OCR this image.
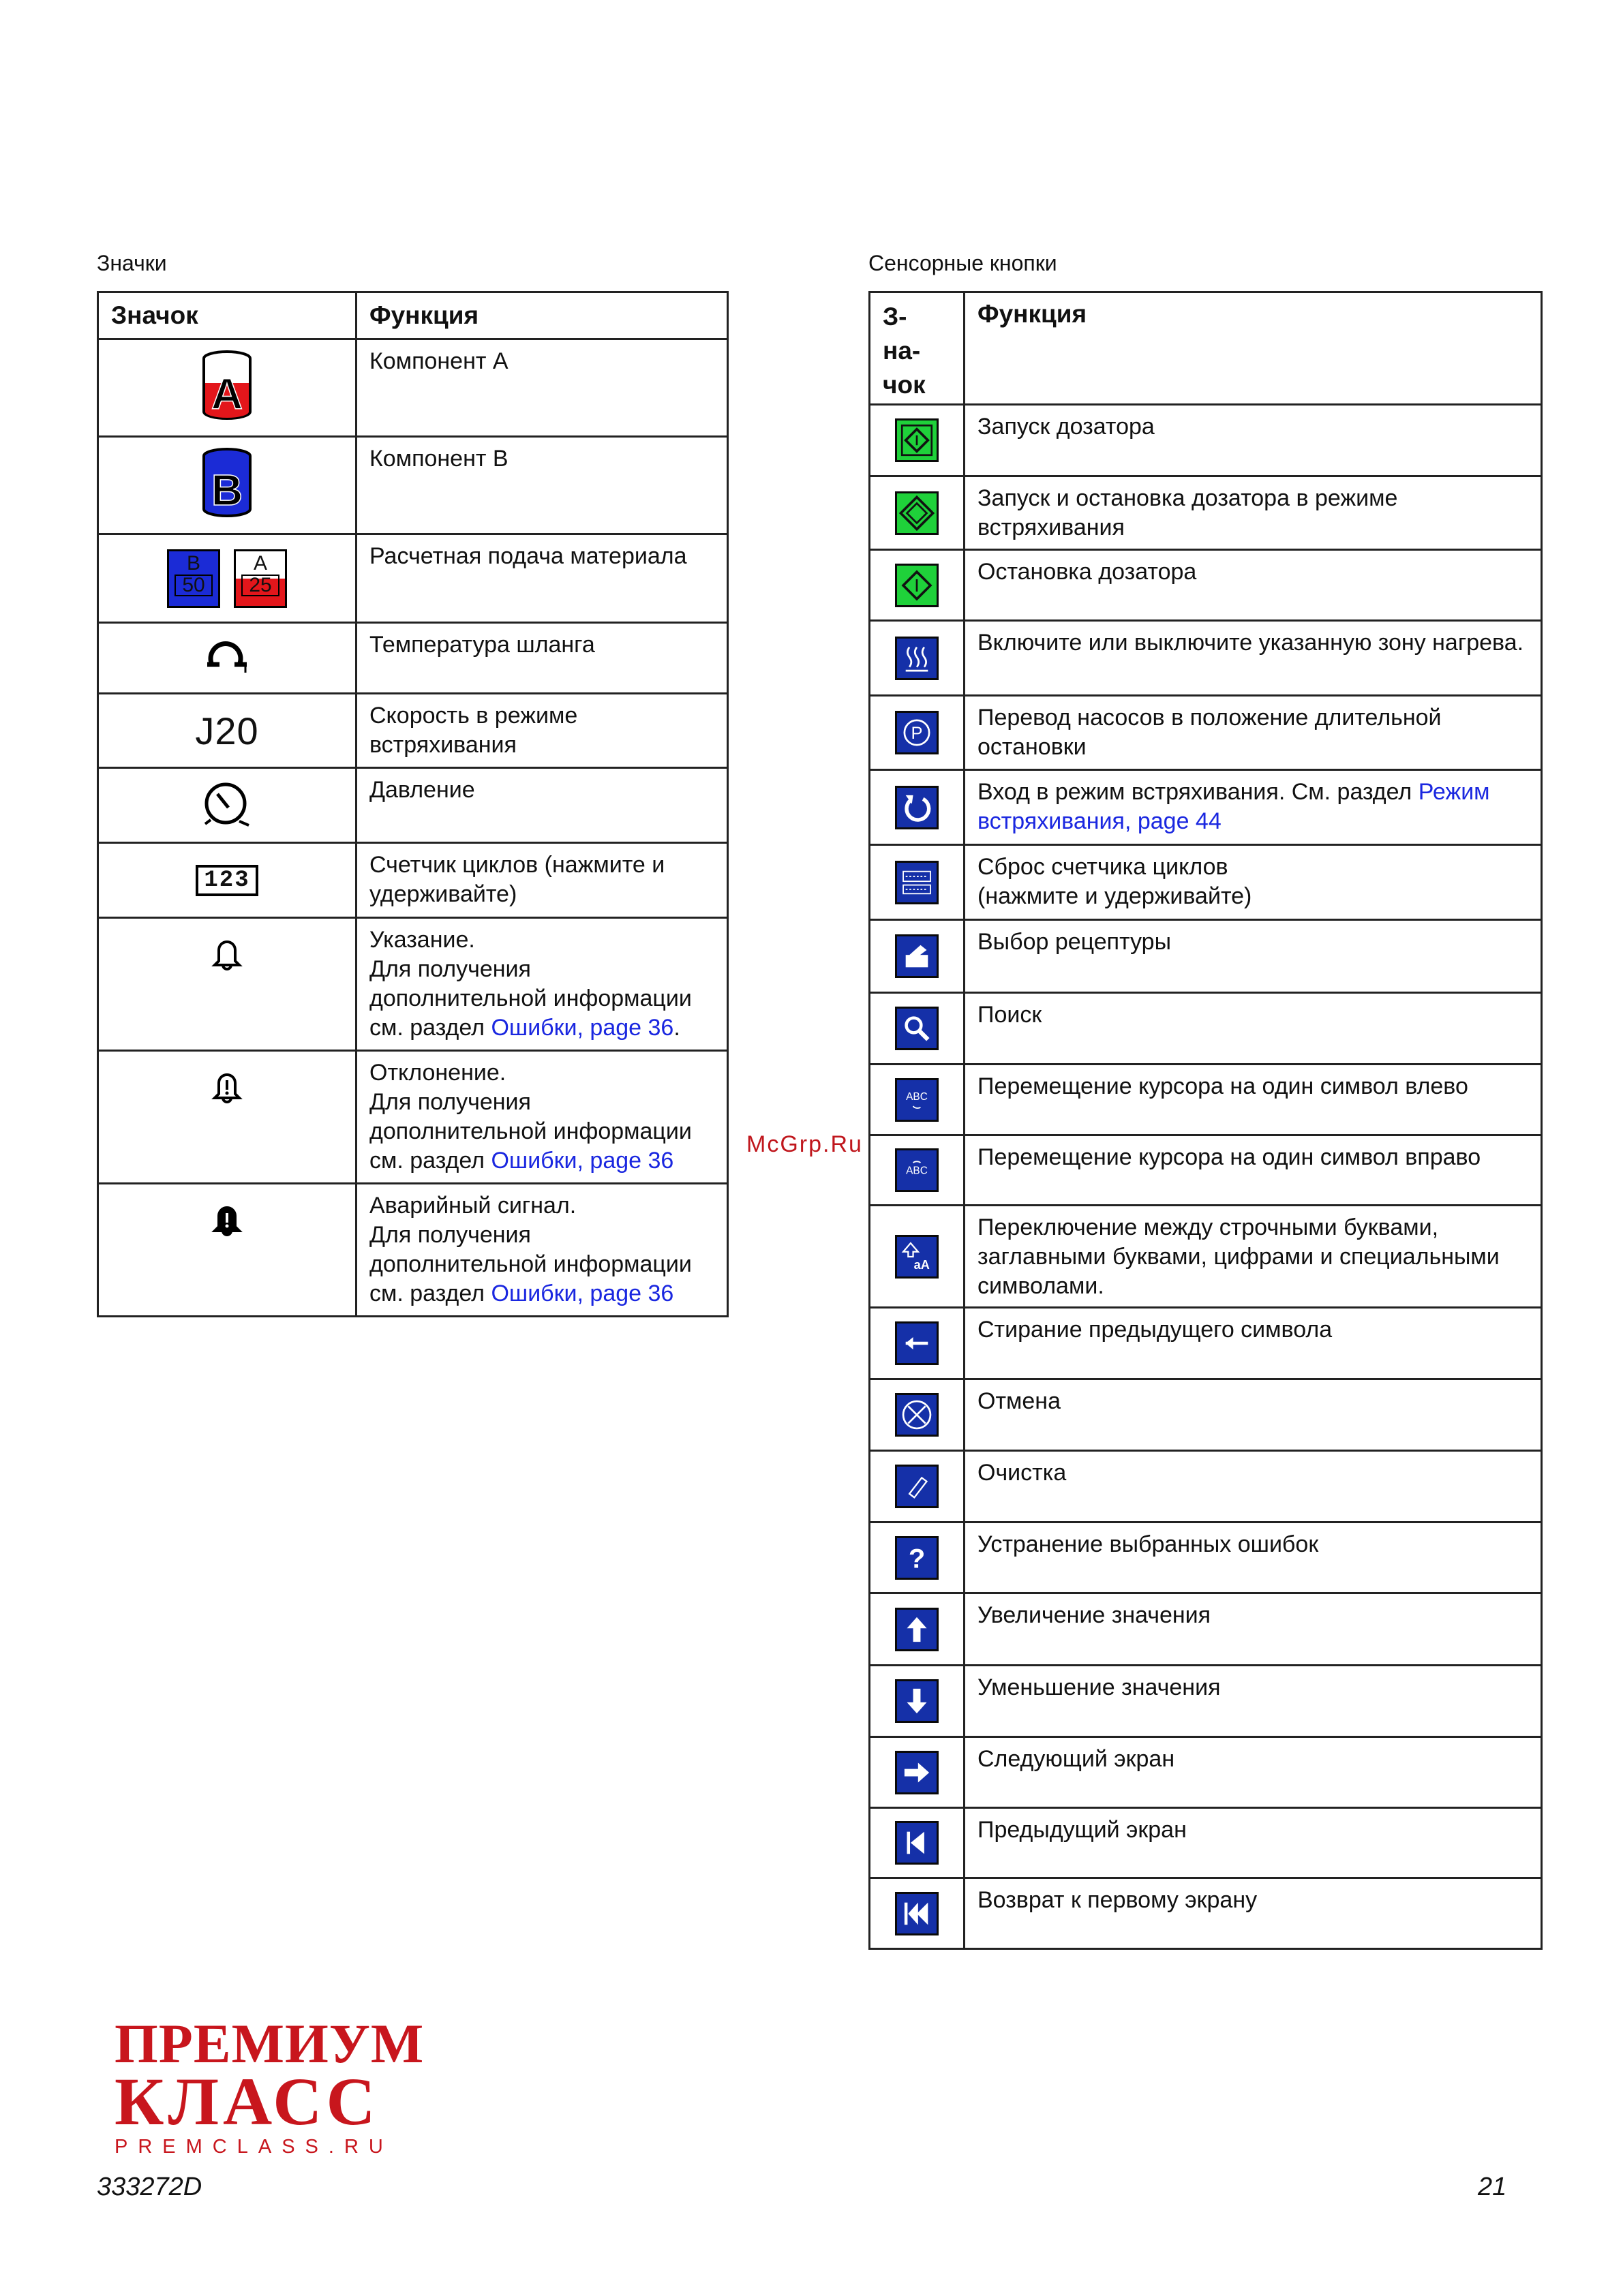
Значки
Значок	Функция

A	Компонент A

B	Компонент B

B
50
A
25	Расчетная подача материала
	Температура шланга
J20	Скорость в режиме встряхивания
	Давление
123	Счетчик циклов (нажмите и удерживайте)
	Указание.
Для получения
дополнительной информации
см. раздел Ошибки, page 36.
	Отклонение.
Для получения
дополнительной информации
см. раздел Ошибки, page 36
	Аварийный сигнал.
Для получения
дополнительной информации
см. раздел Ошибки, page 36
Сенсорные кнопки
З-
на-
чок	Функция

	Запуск дозатора

	Запуск и остановка дозатора в режиме встряхивания

	Остановка дозатора

	Включите или выключите указанную зону нагрева.

P	Перевод насосов в положение длительной остановки

	Вход в режим встряхивания. См. раздел Режим встряхивания, page 44

	Сброс счетчика циклов
(нажмите и удерживайте)

	Выбор рецептуры

	Поиск

ABC	Перемещение курсора на один символ влево

ABC	Перемещение курсора на один символ вправо

aA	Переключение между строчными буквами, заглавными буквами, цифрами и специальными символами.

	Стирание предыдущего символа

	Отмена

	Очистка

?	Устранение выбранных ошибок

	Увеличение значения

	Уменьшение значения

	Следующий экран

	Предыдущий экран

	Возврат к первому экрану
McGrp.Ru
ПРЕМИУМ
КЛАСС
PREMCLASS.RU
333272D	21
